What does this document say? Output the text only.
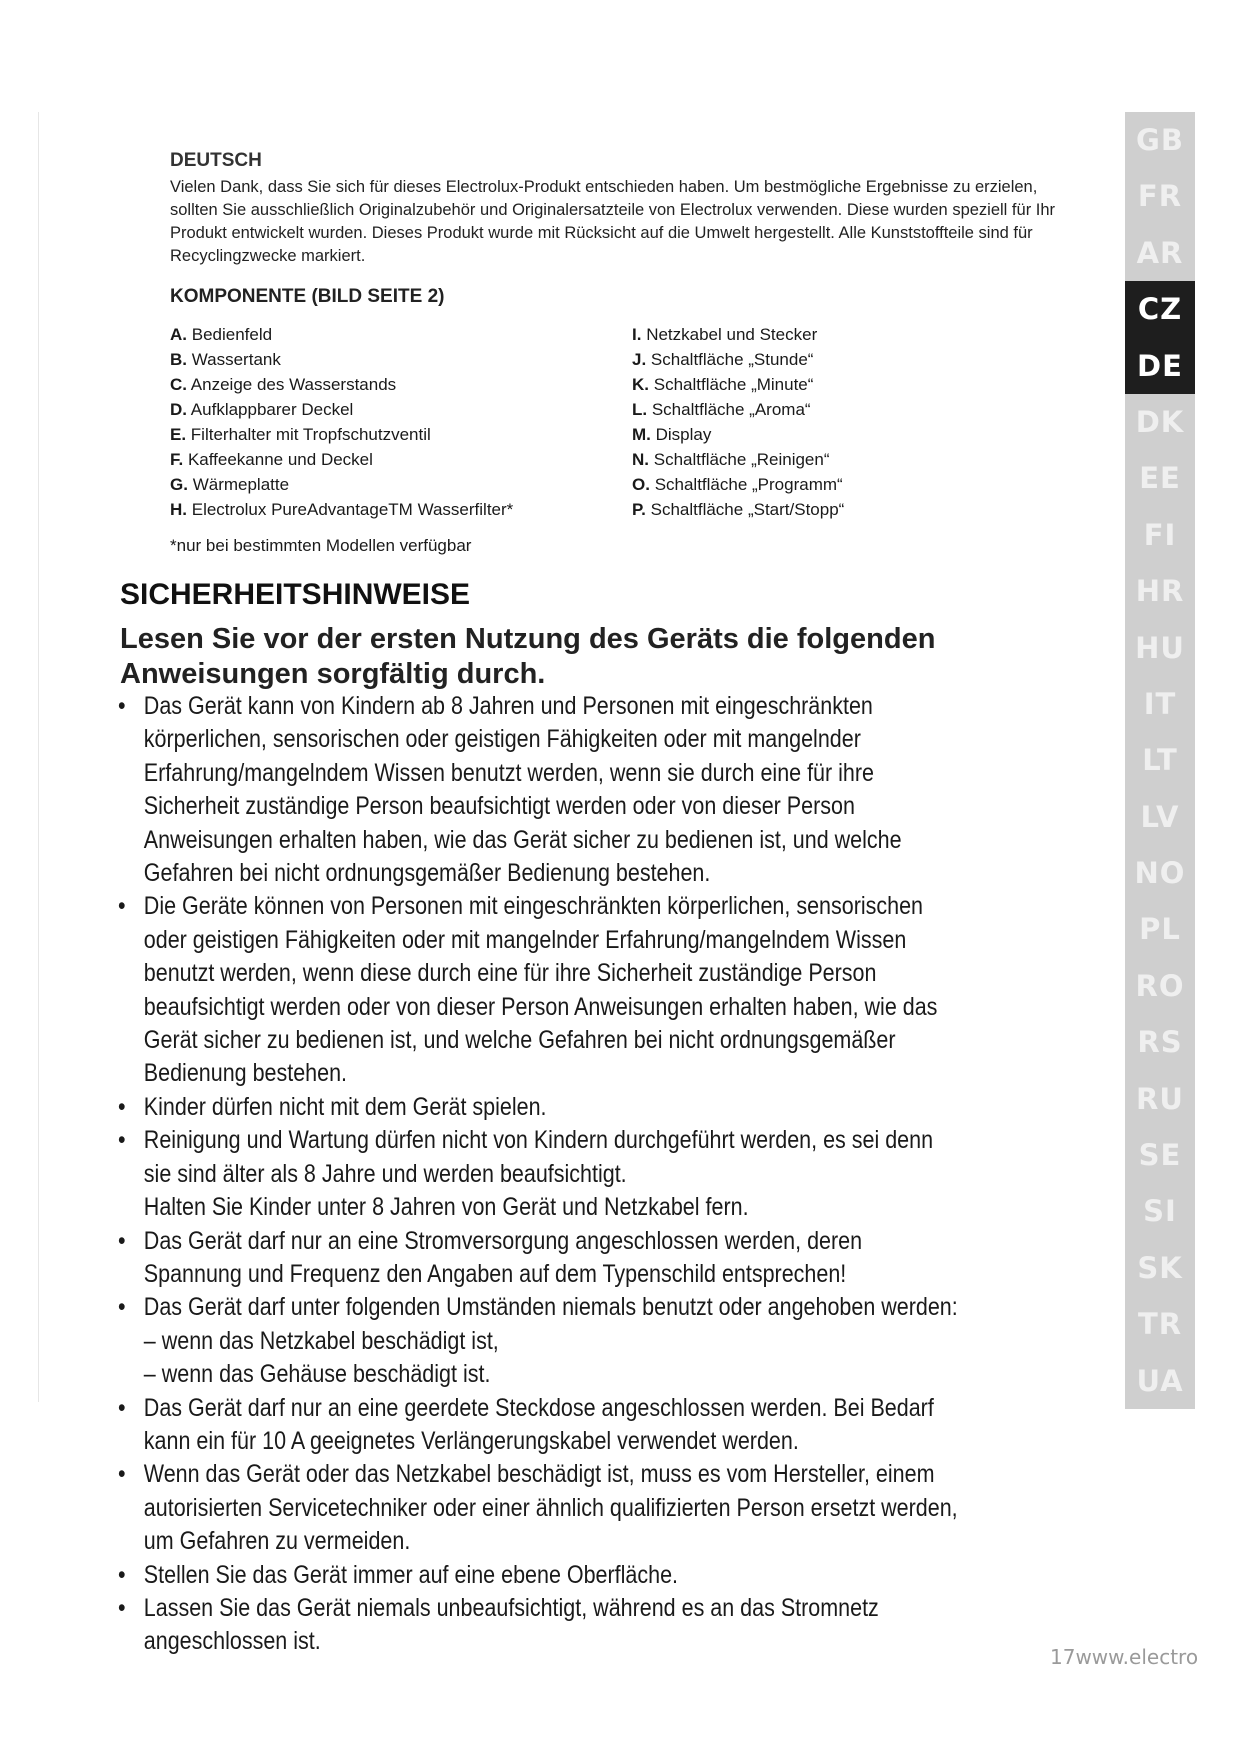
GB
FR
AR
CZ
DE
DK
EE
FI
HR
HU
IT
LT
LV
NO
PL
RO
RS
RU
SE
SI
SK
TR
UA

DEUTSCH

Vielen Dank, dass Sie sich für dieses Electrolux-Produkt entschieden haben. Um bestmögliche Ergebnisse zu erzielen, sollten Sie ausschließlich Originalzubehör und Originalersatzteile von Electrolux verwenden. Diese wurden speziell für Ihr Produkt entwickelt wurden. Dieses Produkt wurde mit Rücksicht auf die Umwelt hergestellt. Alle Kunststoffteile sind für Recyclingzwecke markiert.

KOMPONENTE (BILD SEITE 2)

A. Bedienfeld
B. Wassertank
C. Anzeige des Wasserstands
D. Aufklappbarer Deckel
E. Filterhalter mit Tropfschutzventil
F. Kaffeekanne und Deckel
G. Wärmeplatte
H. Electrolux PureAdvantageTM Wasserfilter*
I. Netzkabel und Stecker
J. Schaltfläche „Stunde“
K. Schaltfläche „Minute“
L. Schaltfläche „Aroma“
M. Display
N. Schaltfläche „Reinigen“
O. Schaltfläche „Programm“
P. Schaltfläche „Start/Stopp“

*nur bei bestimmten Modellen verfügbar

SICHERHEITSHINWEISE

Lesen Sie vor der ersten Nutzung des Geräts die folgenden Anweisungen sorgfältig durch.

• Das Gerät kann von Kindern ab 8 Jahren und Personen mit eingeschränkten körperlichen, sensorischen oder geistigen Fähigkeiten oder mit mangelnder Erfahrung/mangelndem Wissen benutzt werden, wenn sie durch eine für ihre Sicherheit zuständige Person beaufsichtigt werden oder von dieser Person Anweisungen erhalten haben, wie das Gerät sicher zu bedienen ist, und welche Gefahren bei nicht ordnungsgemäßer Bedienung bestehen.
• Die Geräte können von Personen mit eingeschränkten körperlichen, sensorischen oder geistigen Fähigkeiten oder mit mangelnder Erfahrung/mangelndem Wissen benutzt werden, wenn diese durch eine für ihre Sicherheit zuständige Person beaufsichtigt werden oder von dieser Person Anweisungen erhalten haben, wie das Gerät sicher zu bedienen ist, und welche Gefahren bei nicht ordnungsgemäßer Bedienung bestehen.
• Kinder dürfen nicht mit dem Gerät spielen.
• Reinigung und Wartung dürfen nicht von Kindern durchgeführt werden, es sei denn sie sind älter als 8 Jahre und werden beaufsichtigt.
Halten Sie Kinder unter 8 Jahren von Gerät und Netzkabel fern.
• Das Gerät darf nur an eine Stromversorgung angeschlossen werden, deren Spannung und Frequenz den Angaben auf dem Typenschild entsprechen!
• Das Gerät darf unter folgenden Umständen niemals benutzt oder angehoben werden:
– wenn das Netzkabel beschädigt ist,
– wenn das Gehäuse beschädigt ist.
• Das Gerät darf nur an eine geerdete Steckdose angeschlossen werden. Bei Bedarf kann ein für 10 A geeignetes Verlängerungskabel verwendet werden.
• Wenn das Gerät oder das Netzkabel beschädigt ist, muss es vom Hersteller, einem autorisierten Servicetechniker oder einer ähnlich qualifizierten Person ersetzt werden, um Gefahren zu vermeiden.
• Stellen Sie das Gerät immer auf eine ebene Oberfläche.
• Lassen Sie das Gerät niemals unbeaufsichtigt, während es an das Stromnetz angeschlossen ist.

17www.electro
